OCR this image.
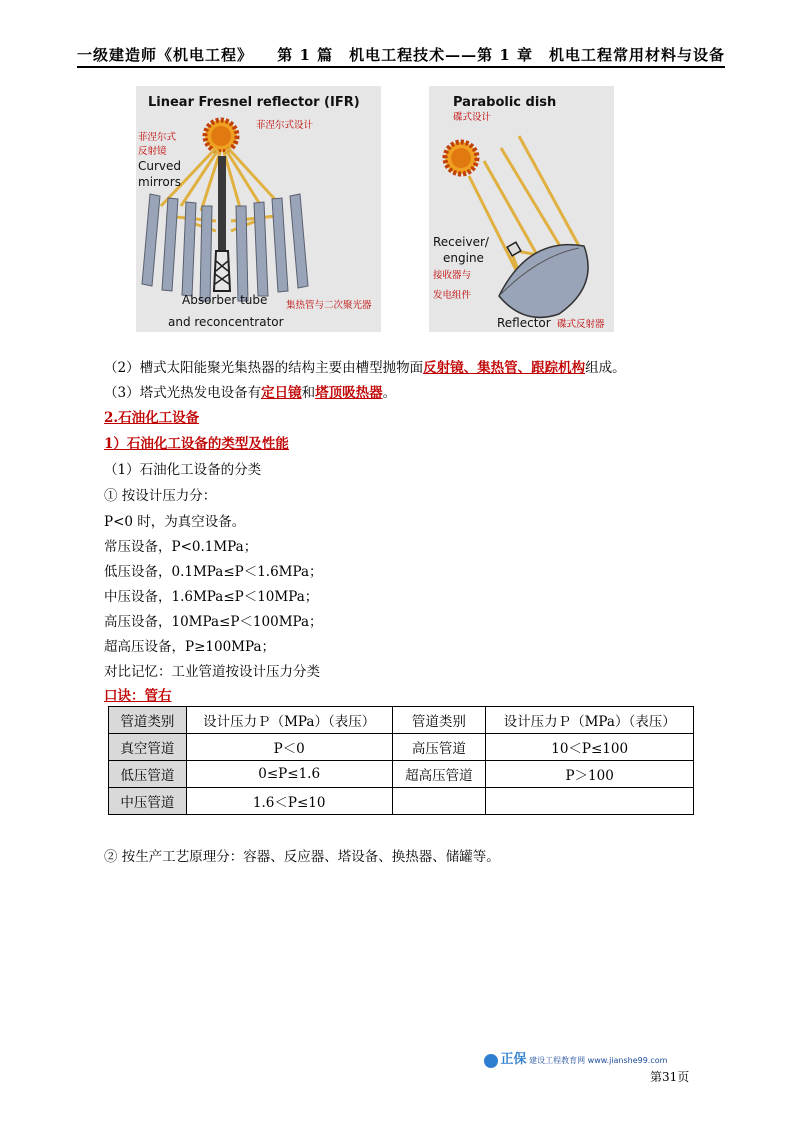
一级建造师《机电工程》 第 1 篇　机电工程技术——第 1 章　机电工程常用材料与设备
Linear Fresnel reflector (IFR)
菲涅尔式设计
菲涅尔式
反射镜
Curved
mirrors
Absorber tube
and reconcentrator
集热管与二次聚光器
Parabolic dish
碟式设计
Receiver/
engine
接收器与
发电组件
Reflector 碟式反射器
（2）槽式太阳能聚光集热器的结构主要由槽型抛物面反射镜、集热管、跟踪机构组成。
（3）塔式光热发电设备有定日镜和塔顶吸热器。
2.石油化工设备
1）石油化工设备的类型及性能
（1）石油化工设备的分类
① 按设计压力分：
P<0 时，为真空设备。
常压设备，P<0.1MPa；
低压设备，0.1MPa≤P＜1.6MPa；
中压设备，1.6MPa≤P＜10MPa；
高压设备，10MPa≤P＜100MPa；
超高压设备，P≥100MPa；
对比记忆：工业管道按设计压力分类
口诀：管右
管道类别	设计压力Ｐ（MPa）（表压）	管道类别	设计压力Ｐ（MPa）（表压）
真空管道	P＜0	高压管道	10＜P≤100
低压管道	0≤P≤1.6	超高压管道	P＞100
中压管道	1.6＜P≤10		
② 按生产工艺原理分：容器、反应器、塔设备、换热器、储罐等。
正保 建设工程教育网 www.jianshe99.com
第31页
